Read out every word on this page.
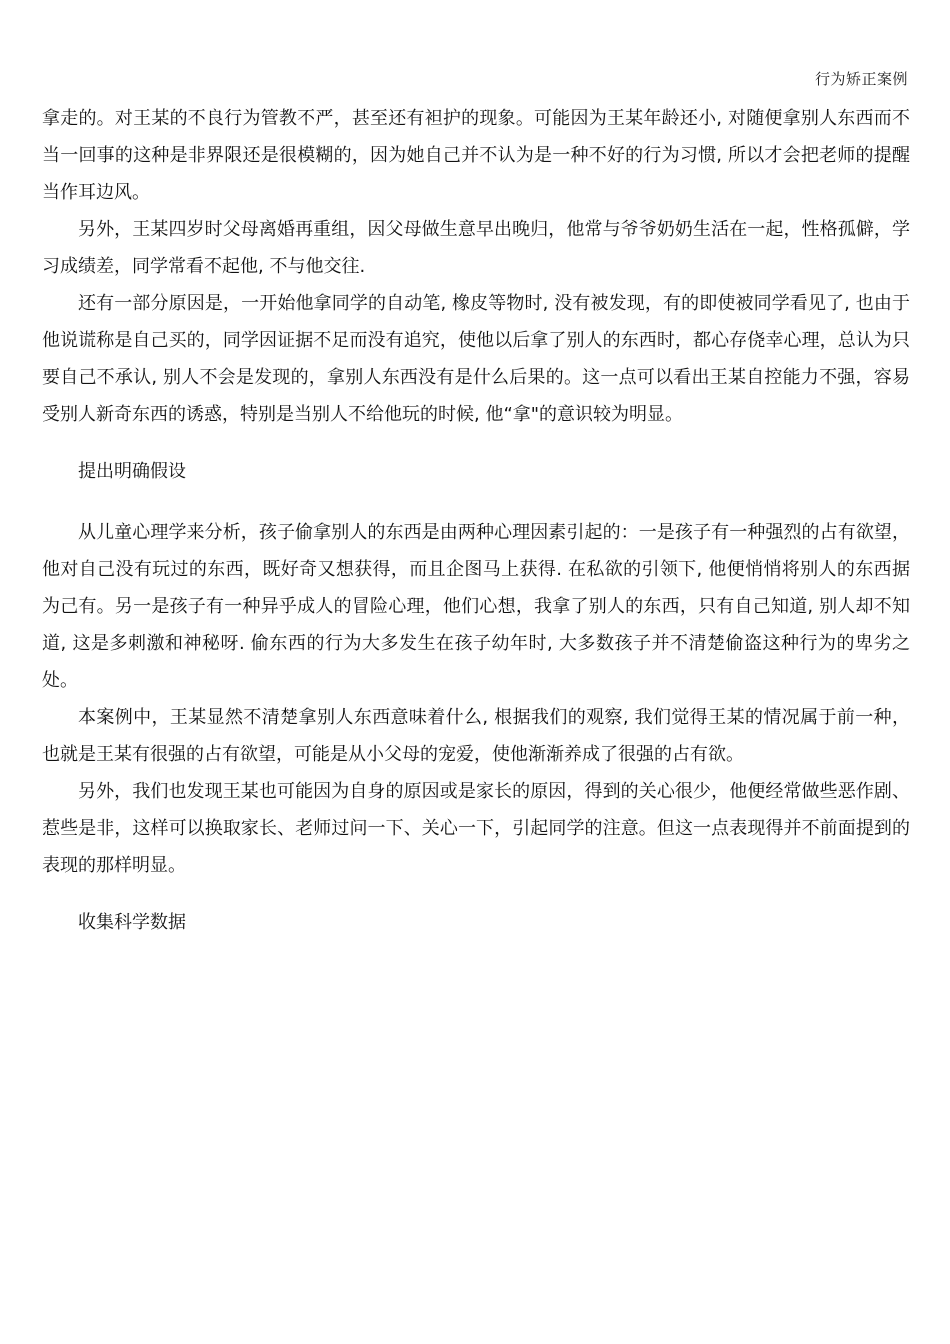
行为矫正案例

拿走的。对王某的不良行为管教不严，甚至还有袒护的现象。可能因为王某年龄还小, 对随便拿别人东西而不当一回事的这种是非界限还是很模糊的，因为她自己并不认为是一种不好的行为习惯, 所以才会把老师的提醒当作耳边风。

另外，王某四岁时父母离婚再重组，因父母做生意早出晚归，他常与爷爷奶奶生活在一起，性格孤僻，学习成绩差，同学常看不起他, 不与他交往.

还有一部分原因是，一开始他拿同学的自动笔, 橡皮等物时, 没有被发现，有的即使被同学看见了, 也由于他说谎称是自己买的，同学因证据不足而没有追究，使他以后拿了别人的东西时，都心存侥幸心理，总认为只要自己不承认, 别人不会是发现的，拿别人东西没有是什么后果的。这一点可以看出王某自控能力不强，容易受别人新奇东西的诱惑，特别是当别人不给他玩的时候, 他“拿"的意识较为明显。

提出明确假设

从儿童心理学来分析，孩子偷拿别人的东西是由两种心理因素引起的：一是孩子有一种强烈的占有欲望，他对自己没有玩过的东西，既好奇又想获得，而且企图马上获得. 在私欲的引领下, 他便悄悄将别人的东西据为己有。另一是孩子有一种异乎成人的冒险心理，他们心想，我拿了别人的东西，只有自己知道, 别人却不知道, 这是多刺激和神秘呀. 偷东西的行为大多发生在孩子幼年时, 大多数孩子并不清楚偷盗这种行为的卑劣之处。

本案例中，王某显然不清楚拿别人东西意味着什么, 根据我们的观察, 我们觉得王某的情况属于前一种，也就是王某有很强的占有欲望，可能是从小父母的宠爱，使他渐渐养成了很强的占有欲。

另外，我们也发现王某也可能因为自身的原因或是家长的原因，得到的关心很少，他便经常做些恶作剧、惹些是非，这样可以换取家长、老师过问一下、关心一下，引起同学的注意。但这一点表现得并不前面提到的表现的那样明显。

收集科学数据
